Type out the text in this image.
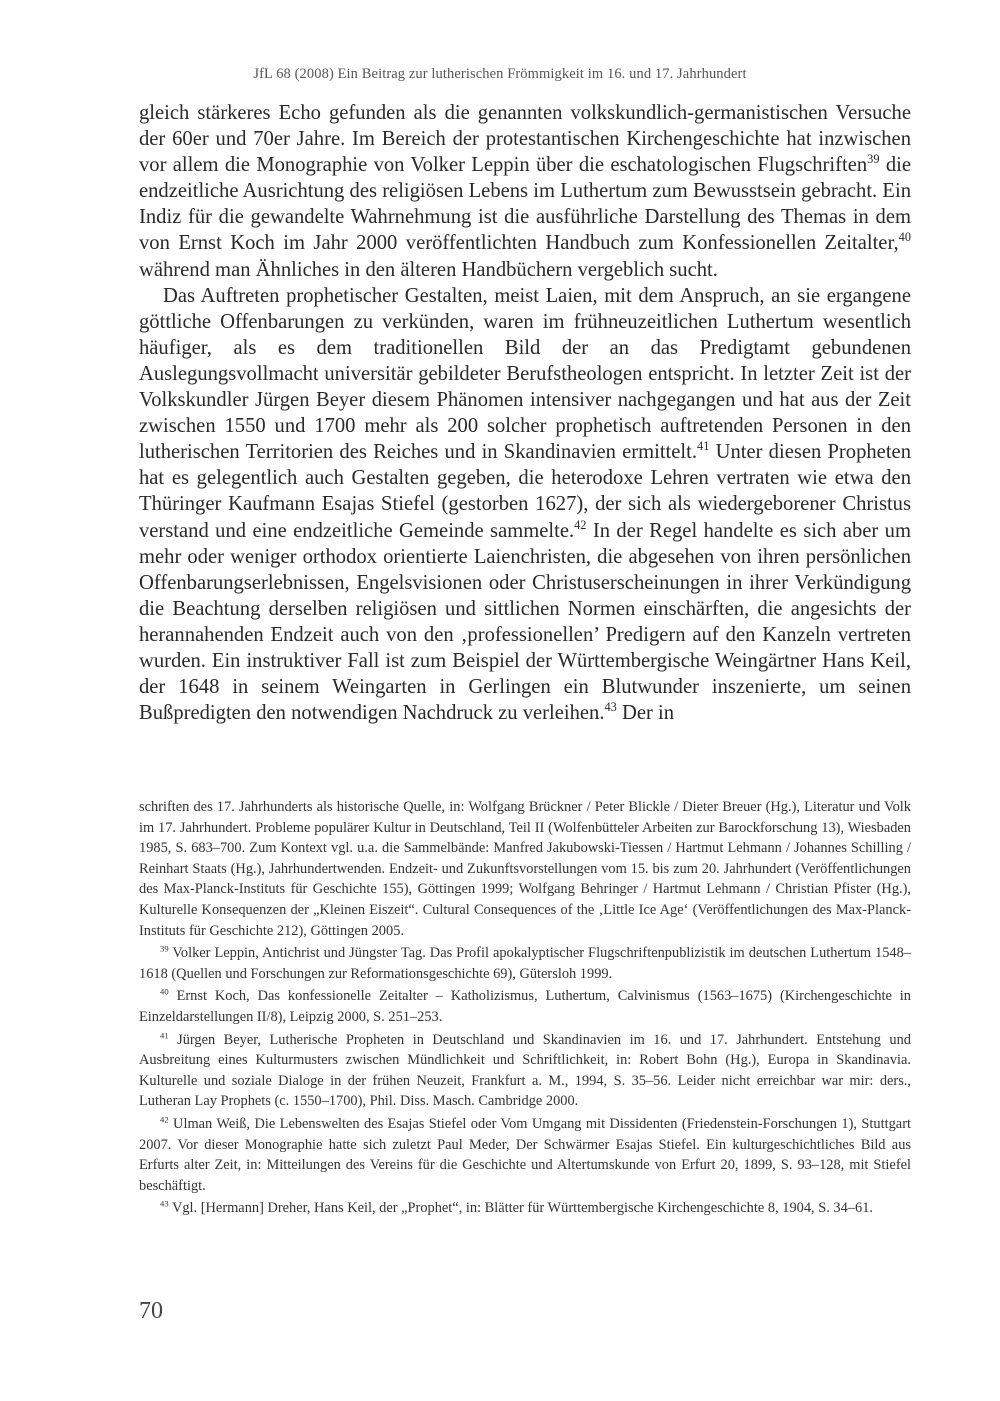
JfL 68 (2008) Ein Beitrag zur lutherischen Frömmigkeit im 16. und 17. Jahrhundert

gleich stärkeres Echo gefunden als die genannten volkskundlich-germanistischen Versuche der 60er und 70er Jahre. Im Bereich der protestantischen Kirchengeschichte hat inzwischen vor allem die Monographie von Volker Leppin über die eschatologischen Flugschriften$^{39}$ die endzeitliche Ausrichtung des religiösen Lebens im Luthertum zum Bewusstsein gebracht. Ein Indiz für die gewandelte Wahrnehmung ist die ausführliche Darstellung des Themas in dem von Ernst Koch im Jahr 2000 veröffentlichten Handbuch zum Konfessionellen Zeitalter,$^{40}$ während man Ähnliches in den älteren Handbüchern vergeblich sucht.

Das Auftreten prophetischer Gestalten, meist Laien, mit dem Anspruch, an sie ergangene göttliche Offenbarungen zu verkünden, waren im frühneuzeitlichen Luthertum wesentlich häufiger, als es dem traditionellen Bild der an das Predigtamt gebundenen Auslegungsvollmacht universitär gebildeter Berufstheologen entspricht. In letzter Zeit ist der Volkskundler Jürgen Beyer diesem Phänomen intensiver nachgegangen und hat aus der Zeit zwischen 1550 und 1700 mehr als 200 solcher prophetisch auftretenden Personen in den lutherischen Territorien des Reiches und in Skandinavien ermittelt.$^{41}$ Unter diesen Propheten hat es gelegentlich auch Gestalten gegeben, die heterodoxe Lehren vertraten wie etwa den Thüringer Kaufmann Esajas Stiefel (gestorben 1627), der sich als wiedergeborener Christus verstand und eine endzeitliche Gemeinde sammelte.$^{42}$ In der Regel handelte es sich aber um mehr oder weniger orthodox orientierte Laienchristen, die abgesehen von ihren persönlichen Offenbarungserlebnissen, Engelsvisionen oder Christuserscheinungen in ihrer Verkündigung die Beachtung derselben religiösen und sittlichen Normen einschärften, die angesichts der herannahenden Endzeit auch von den ‚professionellen’ Predigern auf den Kanzeln vertreten wurden. Ein instruktiver Fall ist zum Beispiel der Württembergische Weingärtner Hans Keil, der 1648 in seinem Weingarten in Gerlingen ein Blutwunder inszenierte, um seinen Bußpredigten den notwendigen Nachdruck zu verleihen.$^{43}$ Der in

schriften des 17. Jahrhunderts als historische Quelle, in: Wolfgang Brückner / Peter Blickle / Dieter Breuer (Hg.), Literatur und Volk im 17. Jahrhundert. Probleme populärer Kultur in Deutschland, Teil II (Wolfenbütteler Arbeiten zur Barockforschung 13), Wiesbaden 1985, S. 683–700. Zum Kontext vgl. u.a. die Sammelbände: Manfred Jakubowski-Tiessen / Hartmut Lehmann / Johannes Schilling / Reinhart Staats (Hg.), Jahrhundertwenden. Endzeit- und Zukunftsvorstellungen vom 15. bis zum 20. Jahrhundert (Veröffentlichungen des Max-Planck-Instituts für Geschichte 155), Göttingen 1999; Wolfgang Behringer / Hartmut Lehmann / Christian Pfister (Hg.), Kulturelle Konsequenzen der „Kleinen Eiszeit“. Cultural Consequences of the ‚Little Ice Age‘ (Veröffentlichungen des Max-Planck-Instituts für Geschichte 212), Göttingen 2005.

$^{39}$ Volker Leppin, Antichrist und Jüngster Tag. Das Profil apokalyptischer Flugschriftenpublizistik im deutschen Luthertum 1548–1618 (Quellen und Forschungen zur Reformationsgeschichte 69), Gütersloh 1999.

$^{40}$ Ernst Koch, Das konfessionelle Zeitalter – Katholizismus, Luthertum, Calvinismus (1563–1675) (Kirchengeschichte in Einzeldarstellungen II/8), Leipzig 2000, S. 251–253.

$^{41}$ Jürgen Beyer, Lutherische Propheten in Deutschland und Skandinavien im 16. und 17. Jahrhundert. Entstehung und Ausbreitung eines Kulturmusters zwischen Mündlichkeit und Schriftlichkeit, in: Robert Bohn (Hg.), Europa in Skandinavia. Kulturelle und soziale Dialoge in der frühen Neuzeit, Frankfurt a. M., 1994, S. 35–56. Leider nicht erreichbar war mir: ders., Lutheran Lay Prophets (c. 1550–1700), Phil. Diss. Masch. Cambridge 2000.

$^{42}$ Ulman Weiß, Die Lebenswelten des Esajas Stiefel oder Vom Umgang mit Dissidenten (Friedenstein-Forschungen 1), Stuttgart 2007. Vor dieser Monographie hatte sich zuletzt Paul Meder, Der Schwärmer Esajas Stiefel. Ein kulturgeschichtliches Bild aus Erfurts alter Zeit, in: Mitteilungen des Vereins für die Geschichte und Altertumskunde von Erfurt 20, 1899, S. 93–128, mit Stiefel beschäftigt.

$^{43}$ Vgl. [Hermann] Dreher, Hans Keil, der „Prophet“, in: Blätter für Württembergische Kirchengeschichte 8, 1904, S. 34–61.

70
